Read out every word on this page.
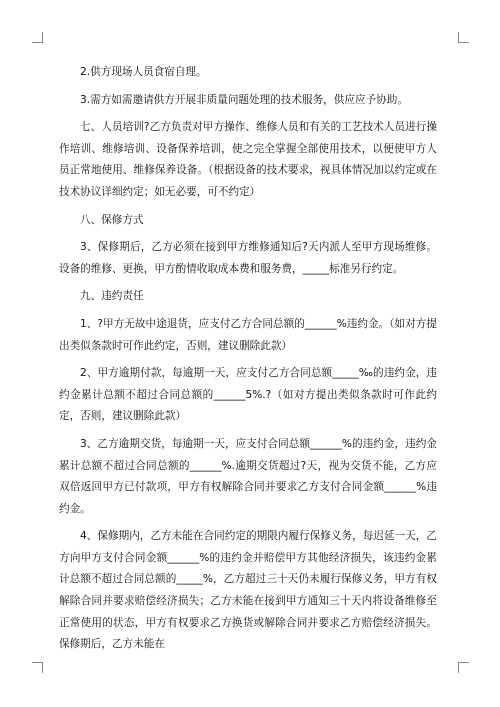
2.供方现场人员食宿自理。

3.需方如需邀请供方开展非质量问题处理的技术服务，供应应予协助。

七、人员培训?乙方负责对甲方操作、维修人员和有关的工艺技术人员进行操作培训、维修培训、设备保养培训，使之完全掌握全部使用技术，以便使甲方人员正常地使用、维修保养设备。（根据设备的技术要求，视具体情况加以约定或在技术协议详细约定；如无必要，可不约定）

八、保修方式

3、保修期后，乙方必须在接到甲方维修通知后?天内派人至甲方现场维修。设备的维修、更换，甲方酌情收取成本费和服务费，_____标准另行约定。

九、违约责任

1、?甲方无故中途退货，应支付乙方合同总额的______%违约金。（如对方提出类似条款时可作此约定，否则，建议删除此款）

2、甲方逾期付款，每逾期一天，应支付乙方合同总额_____‰的违约金，违约金累计总额不超过合同总额的______5%.?（如对方提出类似条款时可作此约定，否则，建议删除此款）

3、乙方逾期交货，每逾期一天，应支付合同总额______%的违约金，违约金累计总额不超过合同总额的______%.逾期交货超过?天，视为交货不能，乙方应双倍返回甲方已付款项，甲方有权解除合同并要求乙方支付合同金额______%违约金。

4、保修期内，乙方未能在合同约定的期限内履行保修义务，每迟延一天，乙方向甲方支付合同金额______%的违约金并赔偿甲方其他经济损失，该违约金累计总额不超过合同总额的_____%，乙方超过三十天仍未履行保修义务，甲方有权解除合同并要求赔偿经济损失；乙方未能在接到甲方通知三十天内将设备维修至正常使用的状态，甲方有权要求乙方换货或解除合同并要求乙方赔偿经济损失。保修期后，乙方未能在
